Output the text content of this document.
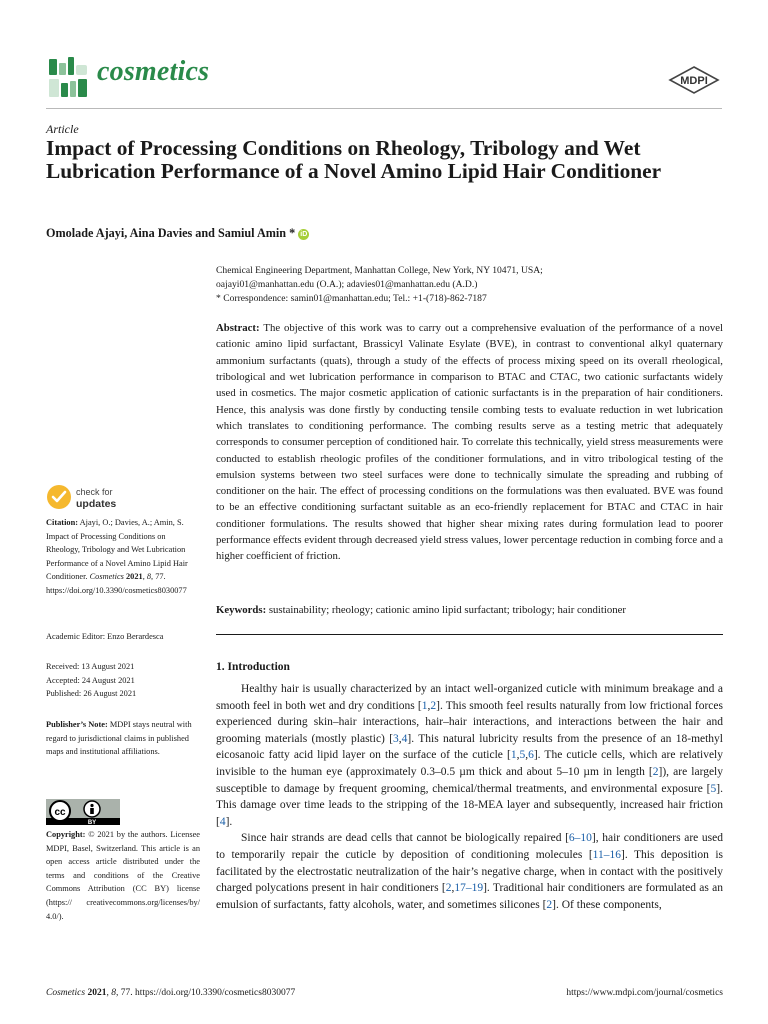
cosmetics	MDPI
Article
Impact of Processing Conditions on Rheology, Tribology and Wet Lubrication Performance of a Novel Amino Lipid Hair Conditioner
Omolade Ajayi, Aina Davies and Samiul Amin * iD
Chemical Engineering Department, Manhattan College, New York, NY 10471, USA;
oajayi01@manhattan.edu (O.A.); adavies01@manhattan.edu (A.D.)
* Correspondence: samin01@manhattan.edu; Tel.: +1-(718)-862-7187

Abstract: The objective of this work was to carry out a comprehensive evaluation of the performance of a novel cationic amino lipid surfactant, Brassicyl Valinate Esylate (BVE), in contrast to conventional alkyl quaternary ammonium surfactants (quats), through a study of the effects of process mixing speed on its overall rheological, tribological and wet lubrication performance in comparison to BTAC and CTAC, two cationic surfactants widely used in cosmetics. The major cosmetic application of cationic surfactants is in the preparation of hair conditioners. Hence, this analysis was done firstly by conducting tensile combing tests to evaluate reduction in wet lubrication which translates to conditioning performance. The combing results serve as a testing metric that adequately corresponds to consumer perception of conditioned hair. To correlate this technically, yield stress measurements were conducted to establish rheologic profiles of the conditioner formulations, and in vitro tribological testing of the emulsion systems between two steel surfaces were done to technically simulate the spreading and rubbing of conditioner on the hair. The effect of processing conditions on the formulations was then evaluated. BVE was found to be an effective conditioning surfactant suitable as an eco-friendly replacement for BTAC and CTAC in hair conditioner formulations. The results showed that higher shear mixing rates during formulation lead to poorer performance effects evident through decreased yield stress values, lower percentage reduction in combing force and a higher coefficient of friction.

Keywords: sustainability; rheology; cationic amino lipid surfactant; tribology; hair conditioner
check for
updates
Citation: Ajayi, O.; Davies, A.; Amin, S. Impact of Processing Conditions on Rheology, Tribology and Wet Lubrication Performance of a Novel Amino Lipid Hair Conditioner. Cosmetics 2021, 8, 77. https://doi.org/10.3390/cosmetics8030077
Academic Editor: Enzo Berardesca
Received: 13 August 2021
Accepted: 24 August 2021
Published: 26 August 2021
Publisher’s Note: MDPI stays neutral with regard to jurisdictional claims in published maps and institutional affiliations.
cc
BY
Copyright: © 2021 by the authors. Licensee MDPI, Basel, Switzerland. This article is an open access article distributed under the terms and conditions of the Creative Commons Attribution (CC BY) license (https:// creativecommons.org/licenses/by/ 4.0/).
1. Introduction

Healthy hair is usually characterized by an intact well-organized cuticle with minimum breakage and a smooth feel in both wet and dry conditions [1,2]. This smooth feel results naturally from low frictional forces experienced during skin–hair interactions, hair–hair interactions, and interactions between the hair and grooming materials (mostly plastic) [3,4]. This natural lubricity results from the presence of an 18-methyl eicosanoic fatty acid lipid layer on the surface of the cuticle [1,5,6]. The cuticle cells, which are relatively invisible to the human eye (approximately 0.3–0.5 µm thick and about 5–10 µm in length [2]), are largely susceptible to damage by frequent grooming, chemical/thermal treatments, and environmental exposure [5]. This damage over time leads to the stripping of the 18-MEA layer and subsequently, increased hair friction [4].

Since hair strands are dead cells that cannot be biologically repaired [6–10], hair conditioners are used to temporarily repair the cuticle by deposition of conditioning molecules [11–16]. This deposition is facilitated by the electrostatic neutralization of the hair’s negative charge, when in contact with the positively charged polycations present in hair conditioners [2,17–19]. Traditional hair conditioners are formulated as an emulsion of surfactants, fatty alcohols, water, and sometimes silicones [2]. Of these components,

Cosmetics 2021, 8, 77. https://doi.org/10.3390/cosmetics8030077	https://www.mdpi.com/journal/cosmetics
